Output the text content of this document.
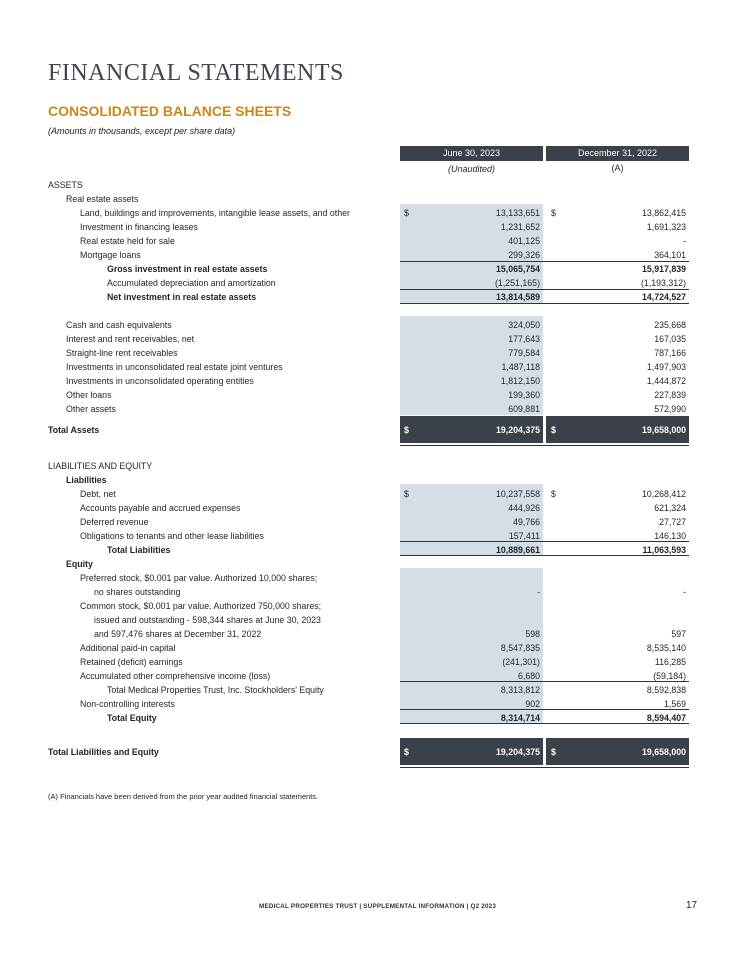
June 30, 2023	December 31, 2022
(Unaudited)	(A)
ASSETS
Real estate assets
Land, buildings and improvements, intangible lease assets, and other	$	13,133,651 $	13,862,415
Investment in financing leases	1,231,652	1,691,323
Real estate held for sale	401,125	-
Mortgage loans	299,326	364,101
Gross investment in real estate assets	15,065,754	15,917,839
Accumulated depreciation and amortization	(1,251,165)	(1,193,312)
Net investment in real estate assets	13,814,589	14,724,527
Cash and cash equivalents	324,050	235,668
Interest and rent receivables, net	177,643	167,035
Straight-line rent receivables	779,584	787,166
Investments in unconsolidated real estate joint ventures	1,487,118	1,497,903
Investments in unconsolidated operating entities	1,812,150	1,444,872
Other loans	199,360	227,839
Other assets	609,881	572,990
Total Assets	$	19,204,375 $	19,658,000
LIABILITIES AND EQUITY
Liabilities
Debt, net	$	10,237,558 $	10,268,412
Accounts payable and accrued expenses	444,926	621,324
Deferred revenue	49,766	27,727
Obligations to tenants and other lease liabilities	157,411	146,130
Total Liabilities	10,889,661	11,063,593
Equity
Preferred stock, $0.001 par value. Authorized 10,000 shares;
no shares outstanding	-	-
Common stock, $0.001 par value. Authorized 750,000 shares;
issued and outstanding - 598,344 shares at June 30, 2023
and 597,476 shares at December 31, 2022	598	597
Additional paid-in capital	8,547,835	8,535,140
Retained (deficit) earnings	(241,301)	116,285
Accumulated other comprehensive income (loss)	6,680	(59,184)
Total Medical Properties Trust, Inc. Stockholders' Equity	8,313,812	8,592,838
Non-controlling interests	902	1,569
Total Equity	8,314,714	8,594,407
Total Liabilities and Equity	$	19,204,375 $	19,658,000
FINANCIAL STATEMENTS
CONSOLIDATED BALANCE SHEETS
(Amounts in thousands, except per share data)
(A) Financials have been derived from the prior year audited financial statements.
MEDICAL PROPERTIES TRUST | SUPPLEMENTAL INFORMATION | Q2 2023	17
